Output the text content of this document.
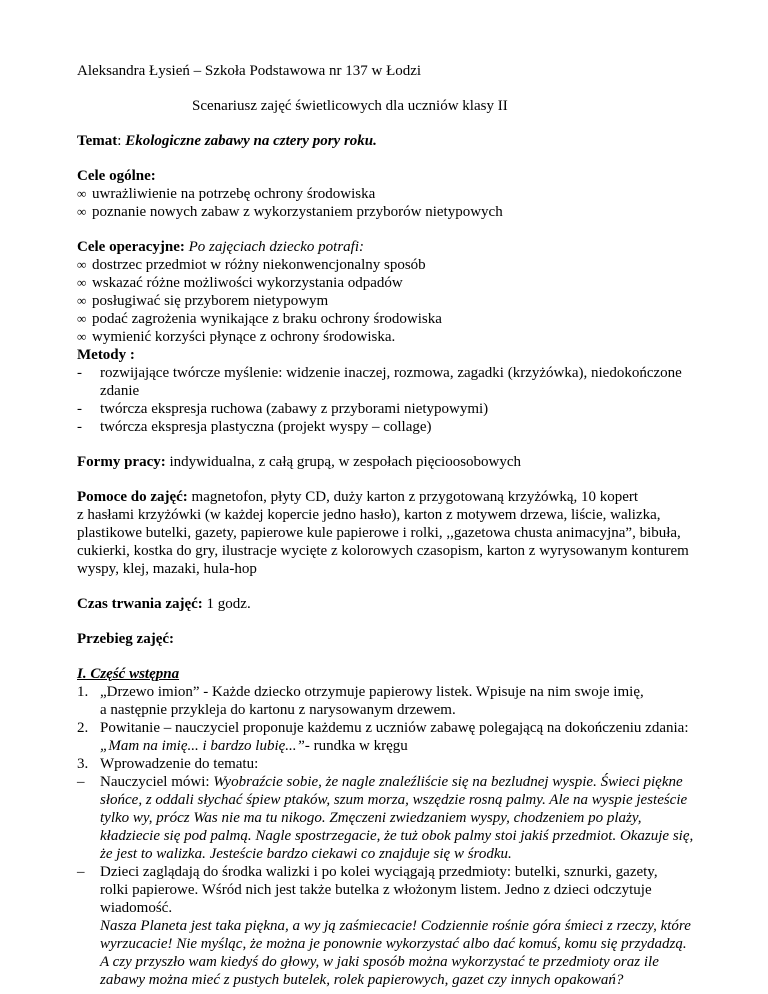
Aleksandra Łysień – Szkoła Podstawowa nr 137 w Łodzi
Scenariusz zajęć świetlicowych dla uczniów klasy II
Temat: Ekologiczne zabawy na cztery pory roku.
Cele ogólne:
∞ uwrażliwienie na potrzebę ochrony środowiska
∞ poznanie nowych zabaw z wykorzystaniem przyborów nietypowych
Cele operacyjne: Po zajęciach dziecko potrafi:
∞ dostrzec przedmiot w różny niekonwencjonalny sposób
∞ wskazać różne możliwości wykorzystania odpadów
∞ posługiwać się przyborem nietypowym
∞ podać zagrożenia wynikające z braku ochrony środowiska
∞ wymienić korzyści płynące z ochrony środowiska.
Metody :
- rozwijające twórcze myślenie: widzenie inaczej, rozmowa, zagadki (krzyżówka), niedokończone
zdanie
- twórcza ekspresja ruchowa (zabawy z przyborami nietypowymi)
- twórcza ekspresja plastyczna (projekt wyspy – collage)
Formy pracy: indywidualna, z całą grupą, w zespołach pięcioosobowych
Pomoce do zajęć: magnetofon, płyty CD, duży karton z przygotowaną krzyżówką, 10 kopert
z hasłami krzyżówki (w każdej kopercie jedno hasło), karton z motywem drzewa, liście, walizka,
plastikowe butelki, gazety, papierowe kule papierowe i rolki, ,,gazetowa chusta animacyjna”, bibuła,
cukierki, kostka do gry, ilustracje wycięte z kolorowych czasopism, karton z wyrysowanym konturem
wyspy, klej, mazaki, hula-hop
Czas trwania zajęć: 1 godz.
Przebieg zajęć:
I. Część wstępna
1. „Drzewo imion” - Każde dziecko otrzymuje papierowy listek. Wpisuje na nim swoje imię,
a następnie przykleja do kartonu z narysowanym drzewem.
2. Powitanie – nauczyciel proponuje każdemu z uczniów zabawę polegającą na dokończeniu zdania:
„Mam na imię... i bardzo lubię...”- rundka w kręgu
3. Wprowadzenie do tematu:
– Nauczyciel mówi: Wyobraźcie sobie, że nagle znaleźliście się na bezludnej wyspie. Świeci piękne
słońce, z oddali słychać śpiew ptaków, szum morza, wszędzie rosną palmy. Ale na wyspie jesteście
tylko wy, prócz Was nie ma tu nikogo. Zmęczeni zwiedzaniem wyspy, chodzeniem po plaży,
kładziecie się pod palmą. Nagle spostrzegacie, że tuż obok palmy stoi jakiś przedmiot. Okazuje się,
że jest to walizka. Jesteście bardzo ciekawi co znajduje się w środku.
– Dzieci zaglądają do środka walizki i po kolei wyciągają przedmioty: butelki, sznurki, gazety,
rolki papierowe. Wśród nich jest także butelka z włożonym listem. Jedno z dzieci odczytuje
wiadomość.
Nasza Planeta jest taka piękna, a wy ją zaśmiecacie! Codziennie rośnie góra śmieci z rzeczy, które
wyrzucacie! Nie myśląc, że można je ponownie wykorzystać albo dać komuś, komu się przydadzą.
A czy przyszło wam kiedyś do głowy, w jaki sposób można wykorzystać te przedmioty oraz ile
zabawy można mieć z pustych butelek, rolek papierowych, gazet czy innych opakowań?
